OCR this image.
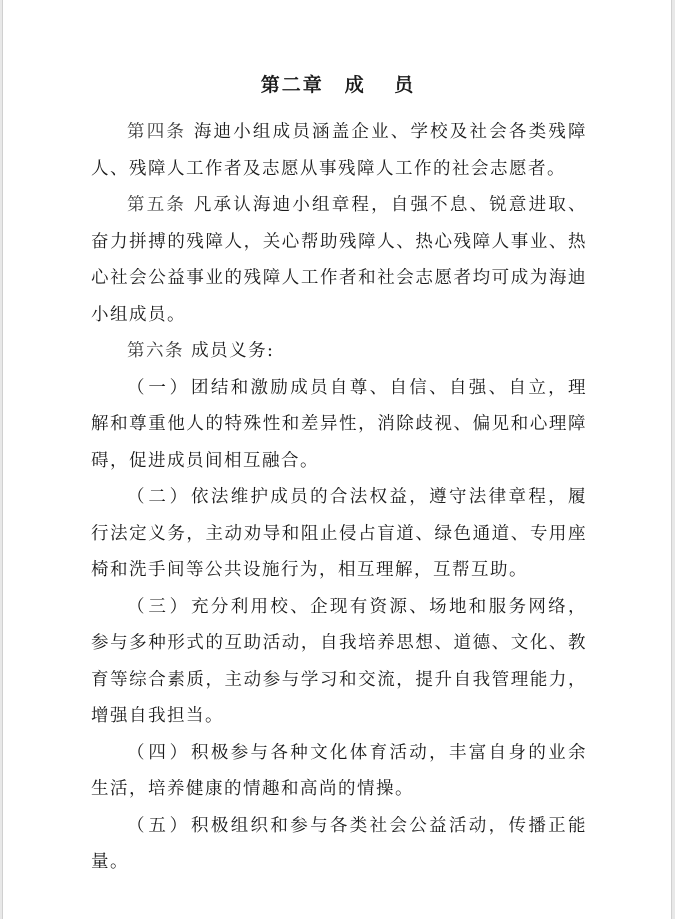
第二章　成 员

第四条 海迪小组成员涵盖企业、学校及社会各类残障人、残障人工作者及志愿从事残障人工作的社会志愿者。

第五条 凡承认海迪小组章程，自强不息、锐意进取、奋力拼搏的残障人，关心帮助残障人、热心残障人事业、热心社会公益事业的残障人工作者和社会志愿者均可成为海迪小组成员。

第六条 成员义务:

（一）团结和激励成员自尊、自信、自强、自立，理解和尊重他人的特殊性和差异性，消除歧视、偏见和心理障碍，促进成员间相互融合。

（二）依法维护成员的合法权益，遵守法律章程，履行法定义务，主动劝导和阻止侵占盲道、绿色通道、专用座椅和洗手间等公共设施行为，相互理解，互帮互助。

（三）充分利用校、企现有资源、场地和服务网络，参与多种形式的互助活动，自我培养思想、道德、文化、教育等综合素质，主动参与学习和交流，提升自我管理能力，增强自我担当。

（四）积极参与各种文化体育活动，丰富自身的业余生活，培养健康的情趣和高尚的情操。

（五）积极组织和参与各类社会公益活动，传播正能量。
